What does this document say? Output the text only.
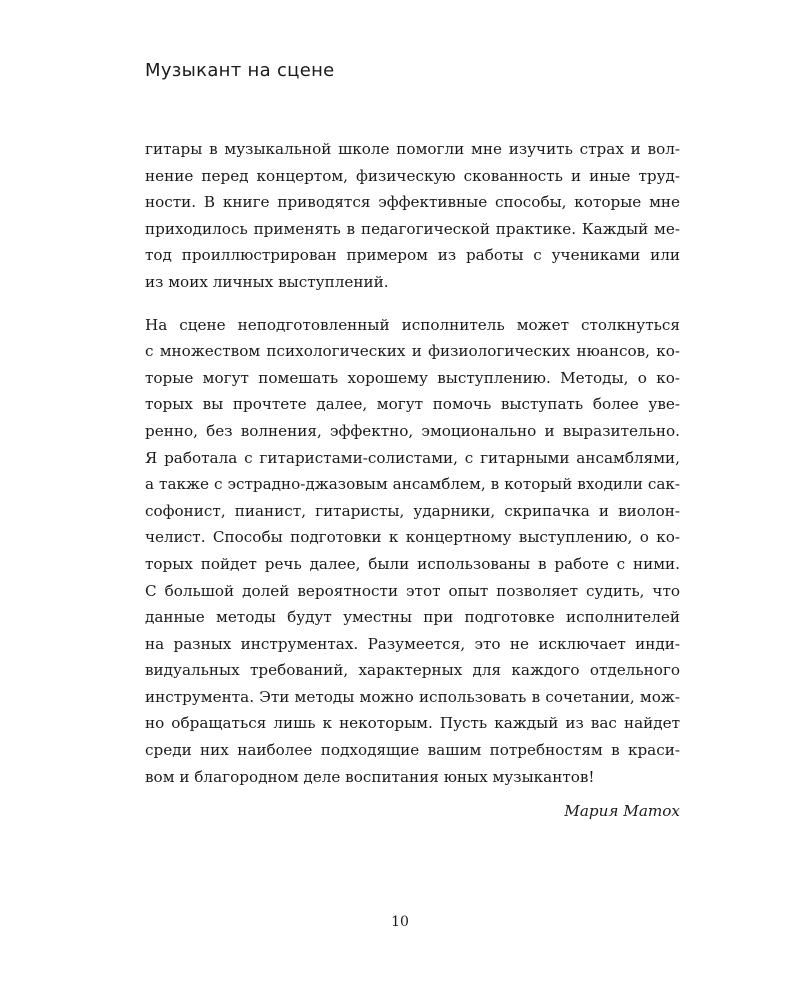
Музыкант на сцене

гитары в музыкальной школе помогли мне изучить страх и вол-
нение перед концертом, физическую скованность и иные труд-
ности. В книге приводятся эффективные способы, которые мне
приходилось применять в педагогической практике. Каждый ме-
тод проиллюстрирован примером из работы с учениками или
из моих личных выступлений.

На сцене неподготовленный исполнитель может столкнуться
с множеством психологических и физиологических нюансов, ко-
торые могут помешать хорошему выступлению. Методы, о ко-
торых вы прочтете далее, могут помочь выступать более уве-
ренно, без волнения, эффектно, эмоционально и выразительно.
Я работала с гитаристами-солистами, с гитарными ансамблями,
а также с эстрадно-джазовым ансамблем, в который входили сак-
софонист, пианист, гитаристы, ударники, скрипачка и виолон-
челист. Способы подготовки к концертному выступлению, о ко-
торых пойдет речь далее, были использованы в работе с ними.
С большой долей вероятности этот опыт позволяет судить, что
данные методы будут уместны при подготовке исполнителей
на разных инструментах. Разумеется, это не исключает инди-
видуальных требований, характерных для каждого отдельного
инструмента. Эти методы можно использовать в сочетании, мож-
но обращаться лишь к некоторым. Пусть каждый из вас найдет
среди них наиболее подходящие вашим потребностям в краси-
вом и благородном деле воспитания юных музыкантов!

Мария Матох
10
